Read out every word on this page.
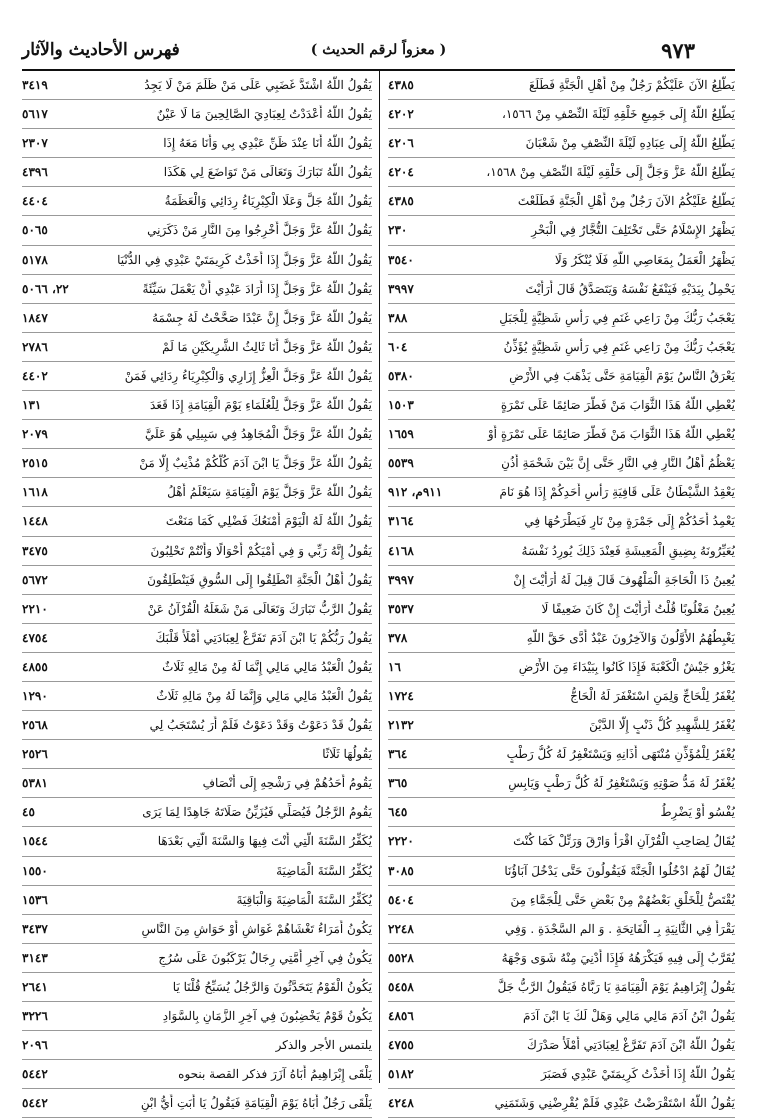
٩٧٣
( معزواً لرقم الحديث )
فهرس الأحاديث والآثار
يَطَّلِعُ الآنَ عَلَيْكُمْ رَجُلٌ مِنْ أَهْلِ الْجَنَّةِ فَطَلَعَ
٤٣٨٥
يَطَّلِعُ اللَّهُ إِلَى جَمِيعِ خَلْقِهِ لَيْلَةَ النِّصْفِ مِنْ ١٥٦٦،
٤٢٠٢
يَطَّلِعُ اللَّهُ إِلَى عِبَادِهِ لَيْلَةَ النِّصْفِ مِنْ شَعْبَانَ
٤٢٠٦
يَطَّلِعُ اللَّهُ عَزَّ وَجَلَّ إِلَى خَلْقِهِ لَيْلَةَ النِّصْفِ مِنْ ١٥٦٨،
٤٢٠٤
يَطَّلِعُ عَلَيْكُمُ الآنَ رَجُلٌ مِنْ أَهْلِ الْجَنَّةِ فَطَلَعْتَ
٤٣٨٥
يَظْهَرُ الإِسْلَامُ حَتَّى تَخْتَلِفَ التُّجَّارُ فِي الْبَحْرِ
٢٣٠
يَظْهَرُ الْعَمَلُ بِمَعَاصِي اللَّهِ فَلَا يُنْكَرُ وَلَا
٣٥٤٠
يَحْمِلُ بِيَدَيْهِ فَيَنْفَعُ نَفْسَهُ وَيَتَصَدَّقُ قَالَ أَرَأَيْتَ
٣٩٩٧
يَعْجَبُ رَبُّكَ مِنْ رَاعِي غَنَمٍ فِي رَأْسِ شَظِيَّةٍ لِلْجَبَلِ
٣٨٨
يَعْجَبُ رَبُّكَ مِنْ رَاعِي غَنَمٍ فِي رَأْسِ شَظِيَّةٍ يُؤَذِّنُ
٦٠٤
يَعْرَقُ النَّاسُ يَوْمَ الْقِيَامَةِ حَتَّى يَذْهَبَ فِي الأَرْضِ
٥٣٨٠
يُعْطِي اللَّهُ هَذَا الثَّوَابَ مَنْ فَطَّرَ صَائِمًا عَلَى تَمْرَةٍ
١٥٠٣
يُعْطِي اللَّهُ هَذَا الثَّوَابَ مَنْ فَطَّرَ صَائِمًا عَلَى تَمْرَةٍ أَوْ
١٦٥٩
يَعْظُمُ أَهْلُ النَّارِ فِي النَّارِ حَتَّى إِنَّ بَيْنَ شَحْمَةِ أُذُنِ
٥٥٣٩
يَعْقِدُ الشَّيْطَانُ عَلَى قَافِيَةِ رَأْسِ أَحَدِكُمْ إِذَا هُوَ نَامَ
٩١١م، ٩١٢
يَعْمِدُ أَحَدُكُمْ إِلَى جَمْرَةٍ مِنْ نَارٍ فَيَطْرَحُهَا فِي
٣١٦٤
يُعَيِّرُونَهُ بِضِيقِ الْمَعِيشَةِ فَعِنْدَ ذَلِكَ يُورِدُ نَفْسَهُ
٤١٦٨
يُعِينُ ذَا الْحَاجَةِ الْمَلْهُوفَ قَالَ قِيلَ لَهُ أَرَأَيْتَ إِنْ
٣٩٩٧
يُعِينُ مَغْلُوبًا قُلْتُ أَرَأَيْتَ إِنْ كَانَ ضَعِيفًا لَا
٣٥٣٧
يَغْبِطُهُمُ الأَوَّلُونَ وَالآخِرُونَ عَبْدٌ أَدَّى حَقَّ اللَّهِ
٣٧٨
يَغْزُو جَيْشٌ الْكَعْبَةَ فَإِذَا كَانُوا بِبَيْدَاءَ مِنَ الأَرْضِ
١٦
يُغْفَرُ لِلْحَاجِّ وَلِمَنِ اسْتَغْفَرَ لَهُ الْحَاجُّ
١٧٢٤
يُغْفَرُ لِلشَّهِيدِ كُلُّ ذَنْبٍ إِلَّا الدَّيْنَ
٢١٣٢
يُغْفَرُ لِلْمُؤَذِّنِ مُنْتَهَى أَذَانِهِ وَيَسْتَغْفِرُ لَهُ كُلُّ رَطْبٍ
٣٦٤
يُغْفَرُ لَهُ مَدُّ صَوْتِهِ وَيَسْتَغْفِرُ لَهُ كُلُّ رَطْبٍ وَيَابِسٍ
٣٦٥
يُفْسُو أَوْ يَضْرِطُ
٦٤٥
يُقَالُ لِصَاحِبِ الْقُرْآنِ اقْرَأْ وَارْقَ وَرَتِّلْ كَمَا كُنْتَ
٢٢٢٠
يُقَالُ لَهُمُ ادْخُلُوا الْجَنَّةَ فَيَقُولُونَ حَتَّى يَدْخُلَ آبَاؤُنَا
٣٠٨٥
يُقْتَصُّ لِلْخَلْقِ بَعْضُهُمْ مِنْ بَعْضٍ حَتَّى لِلْجَمَّاءِ مِنَ
٥٤٠٤
يَقْرَأُ فِي الثَّانِيَةِ بِـ الْفَاتِحَةِ . وَ الم السَّجْدَةِ . وَفِي
٢٢٤٨
يُقَرَّبُ إِلَى فِيهِ فَيَكْرَهُهُ فَإِذَا أُدْنِيَ مِنْهُ شَوَى وَجْهَهُ
٥٥٢٨
يَقُولُ إِبْرَاهِيمُ يَوْمَ الْقِيَامَةِ يَا رَبَّاهُ فَيَقُولُ الرَّبُّ جَلَّ
٥٤٥٨
يَقُولُ ابْنُ آدَمَ مَالِي مَالِي وَهَلْ لَكَ يَا ابْنَ آدَمَ
٤٨٥٦
يَقُولُ اللَّهُ ابْنَ آدَمَ تَفَرَّغْ لِعِبَادَتِي أَمْلَأْ صَدْرَكَ
٤٧٥٥
يَقُولُ اللَّهُ إِذَا أَخَذْتُ كَرِيمَتَيْ عَبْدِي فَصَبَرَ
٥١٨٢
يَقُولُ اللَّهُ اسْتَقْرَضْتُ عَبْدِي فَلَمْ يُقْرِضْنِي وَشَتَمَنِي
٤٢٤٨
يَقُولُ اللَّهُ اشْتَدَّ غَضَبِي عَلَى مَنْ ظَلَمَ مَنْ لَا يَجِدُ
٣٤١٩
يَقُولُ اللَّهُ أَعْدَدْتُ لِعِبَادِيَ الصَّالِحِينَ مَا لَا عَيْنٌ
٥٦١٧
يَقُولُ اللَّهُ أَنَا عِنْدَ ظَنِّ عَبْدِي بِي وَأَنَا مَعَهُ إِذَا
٢٣٠٧
يَقُولُ اللَّهُ تَبَارَكَ وَتَعَالَى مَنْ تَوَاضَعَ لِي هَكَذَا
٤٣٩٦
يَقُولُ اللَّهُ جَلَّ وَعَلَا الْكِبْرِيَاءُ رِدَائِي وَالْعَظَمَةُ
٤٤٠٤
يَقُولُ اللَّهُ عَزَّ وَجَلَّ أَخْرِجُوا مِنَ النَّارِ مَنْ ذَكَرَنِي
٥٠٦٥
يَقُولُ اللَّهُ عَزَّ وَجَلَّ إِذَا أَخَذْتُ كَرِيمَتَيْ عَبْدِي فِي الدُّنْيَا
٥١٧٨
يَقُولُ اللَّهُ عَزَّ وَجَلَّ إِذَا أَرَادَ عَبْدِي أَنْ يَعْمَلَ سَيِّئَةً
٢٢، ٥٠٦٦
يَقُولُ اللَّهُ عَزَّ وَجَلَّ إِنَّ عَبْدًا صَحَّحْتُ لَهُ جِسْمَهُ
١٨٤٧
يَقُولُ اللَّهُ عَزَّ وَجَلَّ أَنَا ثَالِثُ الشَّرِيكَيْنِ مَا لَمْ
٢٧٨٦
يَقُولُ اللَّهُ عَزَّ وَجَلَّ الْعِزُّ إِزَارِي وَالْكِبْرِيَاءُ رِدَائِي فَمَنْ
٤٤٠٢
يَقُولُ اللَّهُ عَزَّ وَجَلَّ لِلْعُلَمَاءِ يَوْمَ الْقِيَامَةِ إِذَا قَعَدَ
١٣١
يَقُولُ اللَّهُ عَزَّ وَجَلَّ الْمُجَاهِدُ فِي سَبِيلِي هُوَ عَلَيَّ
٢٠٧٩
يَقُولُ اللَّهُ عَزَّ وَجَلَّ يَا ابْنَ آدَمَ كُلُّكُمْ مُذْنِبٌ إِلَّا مَنْ
٢٥١٥
يَقُولُ اللَّهُ عَزَّ وَجَلَّ يَوْمَ الْقِيَامَةِ سَيَعْلَمُ أَهْلُ
١٦١٨
يَقُولُ اللَّهُ لَهُ الْيَوْمَ أَمْنَعُكَ فَضْلِي كَمَا مَنَعْتَ
١٤٤٨
يَقُولُ إِنَّهُ رَبِّي وَ فِي أَمْيَكُمْ أَحْوَالًا وَأَنْتُمْ تَحْلِبُونَ
٣٤٧٥
يَقُولُ أَهْلُ الْجَنَّةِ انْطَلِقُوا إِلَى السُّوقِ فَيَنْطَلِقُونَ
٥٦٧٢
يَقُولُ الرَّبُّ تَبَارَكَ وَتَعَالَى مَنْ شَغَلَهُ الْقُرْآنُ عَنْ
٢٢١٠
يَقُولُ رَبُّكُمْ يَا ابْنَ آدَمَ تَفَرَّغْ لِعِبَادَتِي أَمْلَأْ قَلْبَكَ
٤٧٥٤
يَقُولُ الْعَبْدُ مَالِي مَالِي إِنَّمَا لَهُ مِنْ مَالِهِ ثَلَاثٌ
٤٨٥٥
يَقُولُ الْعَبْدُ مَالِي مَالِي وَإِنَّمَا لَهُ مِنْ مَالِهِ ثَلَاثٌ
١٢٩٠
يَقُولُ قَدْ دَعَوْتُ وَقَدْ دَعَوْتُ فَلَمْ أَرَ يُسْتَجَبُ لِي
٢٥٦٨
يَقُولُهَا ثَلَاثًا
٢٥٢٦
يَقُومُ أَحَدُهُمْ فِي رَشْحِهِ إِلَى أَنْصَافِ
٥٣٨١
يَقُومُ الرَّجُلُ فَيُصَلِّي فَيُزَيِّنُ صَلَاتَهُ جَاهِدًا لِمَا يَرَى
٤٥
يُكَفِّرُ السَّنَةَ الَّتِي أَنْتَ فِيهَا وَالسَّنَةَ الَّتِي بَعْدَهَا
١٥٤٤
يُكَفِّرُ السَّنَةَ الْمَاضِيَةَ
١٥٥٠
يُكَفِّرُ السَّنَةَ الْمَاضِيَةَ وَالْبَاقِيَةَ
١٥٣٦
يَكُونُ أُمَرَاءُ تَغْشَاهُمْ غَوَاشٍ أَوْ حَوَاشٍ مِنَ النَّاسِ
٣٤٣٧
يَكُونُ فِي آخِرِ أُمَّتِي رِجَالٌ يَرْكَبُونَ عَلَى سُرُجٍ
٣١٤٣
يَكُونُ الْقَوْمُ يَتَحَدَّثُونَ وَالرَّجُلُ يُسَبِّحُ قُلْنَا يَا
٢٦٤١
يَكُونُ قَوْمٌ يَخْضِبُونَ فِي آخِرِ الزَّمَانِ بِالسَّوَادِ
٣٢٢٦
يلتمس الأجر والذكر
٢٠٩٦
يَلْقَى إِبْرَاهِيمُ أَبَاهُ آزَرَ فذكر القصة بنحوه
٥٤٤٢
يَلْقَى رَجُلٌ أَبَاهُ يَوْمَ الْقِيَامَةِ فَيَقُولُ يَا أَبَتِ أَيُّ ابْنٍ
٥٤٤٢
